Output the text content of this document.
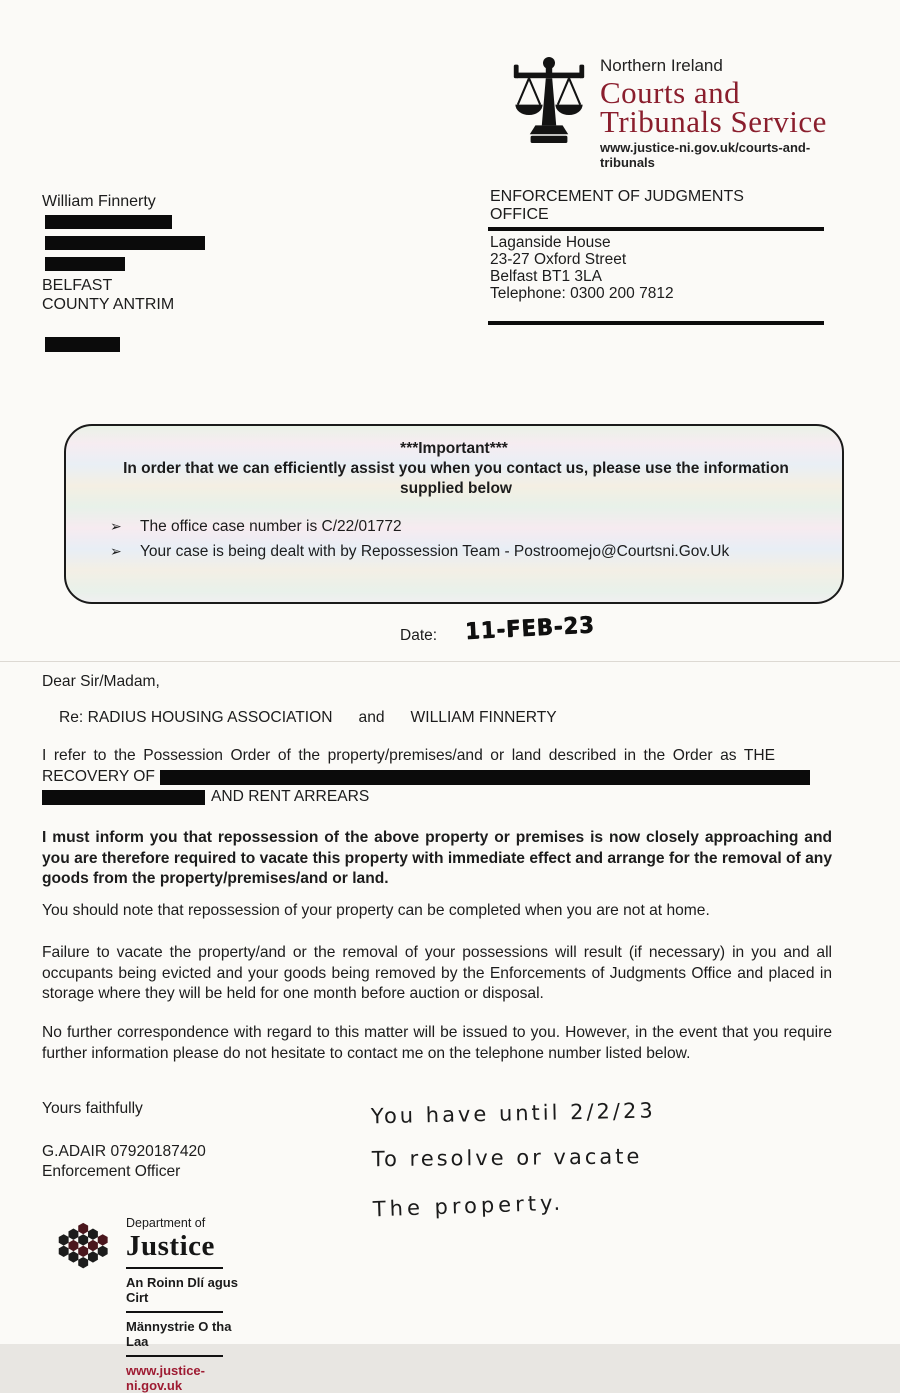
Northern Ireland
Courts and
Tribunals Service
www.justice-ni.gov.uk/courts-and-tribunals
William Finnerty
BELFAST
COUNTY ANTRIM
ENFORCEMENT OF JUDGMENTS
OFFICE
Laganside House
23-27 Oxford Street
Belfast BT1 3LA
Telephone: 0300 200 7812
***Important***
In order that we can efficiently assist you when you contact us, please use the information supplied below
➢ The office case number is C/22/01772
➢ Your case is being dealt with by Repossession Team - Postroomejo@Courtsni.Gov.Uk
Date: 11-FEB-23
Dear Sir/Madam,
Re: RADIUS HOUSING ASSOCIATION and WILLIAM FINNERTY
I refer to the Possession Order of the property/premises/and or land described in the Order as THE
RECOVERY OF
AND RENT ARREARS
I must inform you that repossession of the above property or premises is now closely approaching and you are therefore required to vacate this property with immediate effect and arrange for the removal of any goods from the property/premises/and or land.
You should note that repossession of your property can be completed when you are not at home.
Failure to vacate the property/and or the removal of your possessions will result (if necessary) in you and all occupants being evicted and your goods being removed by the Enforcements of Judgments Office and placed in storage where they will be held for one month before auction or disposal.
No further correspondence with regard to this matter will be issued to you. However, in the event that you require further information please do not hesitate to contact me on the telephone number listed below.
Yours faithfully
G.ADAIR 07920187420
Enforcement Officer
You have until 2/2/23
To resolve or vacate
The property.
Department of
Justice
An Roinn Dlí agus Cirt
Männystrie O tha Laa
www.justice-ni.gov.uk
